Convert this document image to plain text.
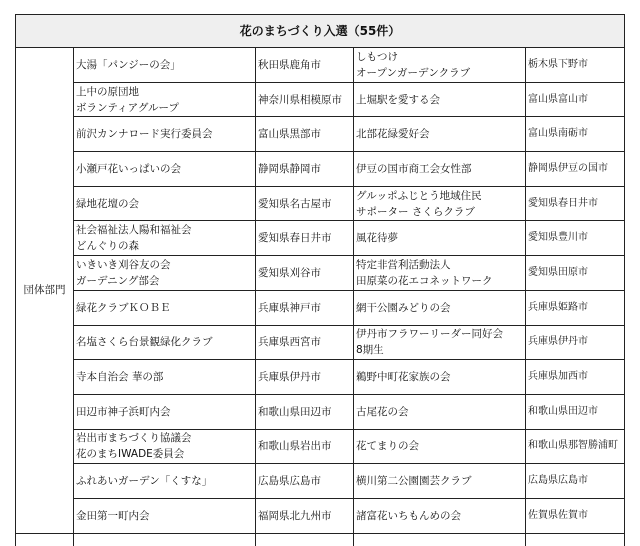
花のまちづくり入選（55件）				
団体部門	大湯「パンジーの会」	秋田県鹿角市	しもつけ
オープンガーデンクラブ	栃木県下野市

	上中の原団地
ボランティアグループ	神奈川県相模原市	上堀駅を愛する会	富山県富山市

	前沢カンナロード実行委員会	富山県黒部市	北部花緑愛好会	富山県南砺市

	小瀬戸花いっぱいの会	静岡県静岡市	伊豆の国市商工会女性部	静岡県伊豆の国市

	緑地花壇の会	愛知県名古屋市	グルッポふじとう地域住民
サポーター さくらクラブ	愛知県春日井市

	社会福祉法人陽和福祉会
どんぐりの森	愛知県春日井市	風花待夢	愛知県豊川市

	いきいき刈谷友の会
ガーデニング部会	愛知県刈谷市	特定非営利活動法人
田原菜の花エコネットワーク	愛知県田原市

	緑花クラブＫＯＢＥ	兵庫県神戸市	網干公園みどりの会	兵庫県姫路市

	名塩さくら台景観緑化クラブ	兵庫県西宮市	伊丹市フラワーリーダー同好会
8期生	兵庫県伊丹市

	寺本自治会 華の部	兵庫県伊丹市	鵜野中町花家族の会	兵庫県加西市

	田辺市神子浜町内会	和歌山県田辺市	古尾花の会	和歌山県田辺市

	岩出市まちづくり協議会
花のまちIWADE委員会	和歌山県岩出市	花てまりの会	和歌山県那智勝浦町

	ふれあいガーデン「くすな」	広島県広島市	横川第二公園園芸クラブ	広島県広島市

	金田第一町内会	福岡県北九州市	諸富花いちもんめの会	佐賀県佐賀市
